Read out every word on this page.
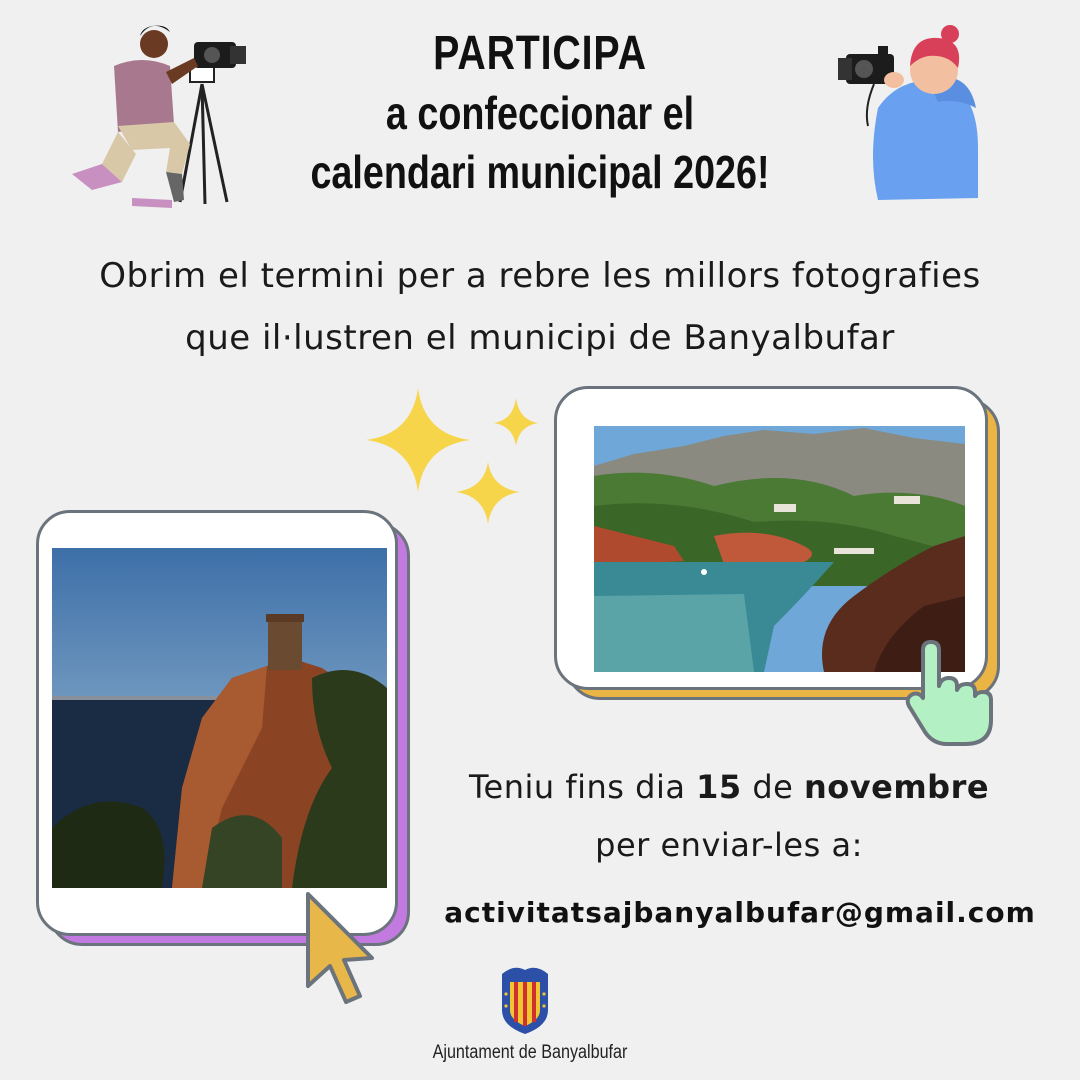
PARTICIPA
a confeccionar el
calendari municipal 2026!
Obrim el termini per a rebre les millors fotografies
que il·lustren el municipi de Banyalbufar
Teniu fins dia 15 de novembre
per enviar-les a:
activitatsajbanyalbufar@gmail.com
Ajuntament de Banyalbufar
